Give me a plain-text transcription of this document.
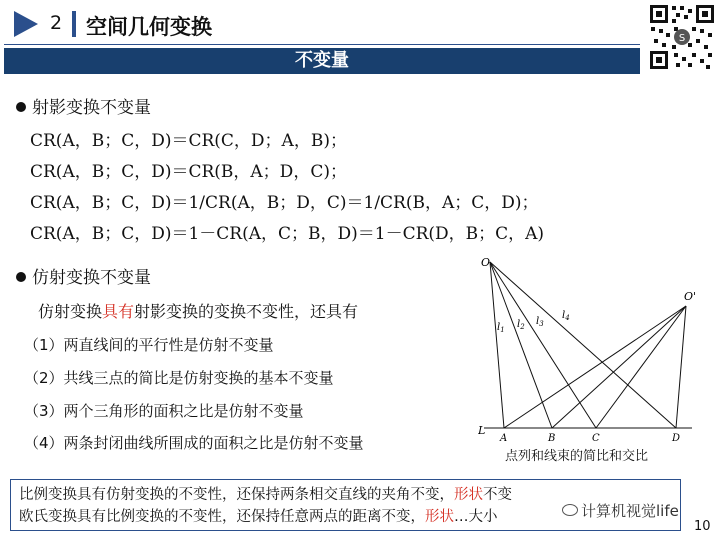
2 空间几何变换
不变量
S
射影变换不变量
CR(A，B；C，D)＝CR(C，D；A，B)；
CR(A，B；C，D)＝CR(B，A；D，C)；
CR(A，B；C，D)＝1/CR(A，B；D，C)＝1/CR(B，A；C，D)；
CR(A，B；C，D)＝1－CR(A，C；B，D)＝1－CR(D，B；C，A)
仿射变换不变量
仿射变换具有射影变换的变换不变性，还具有
（1）两直线间的平行性是仿射不变量
（2）共线三点的简比是仿射变换的基本不变量
（3）两个三角形的面积之比是仿射不变量
（4）两条封闭曲线所围成的面积之比是仿射不变量
O
O'
L
A	B	C	D
$l_1$ $l_2$ $l_3$
$l_4$
点列和线束的简比和交比
比例变换具有仿射变换的不变性，还保持两条相交直线的夹角不变，形状不变
欧氏变换具有比例变换的不变性，还保持任意两点的距离不变，形状…大小	计算机视觉life
10
